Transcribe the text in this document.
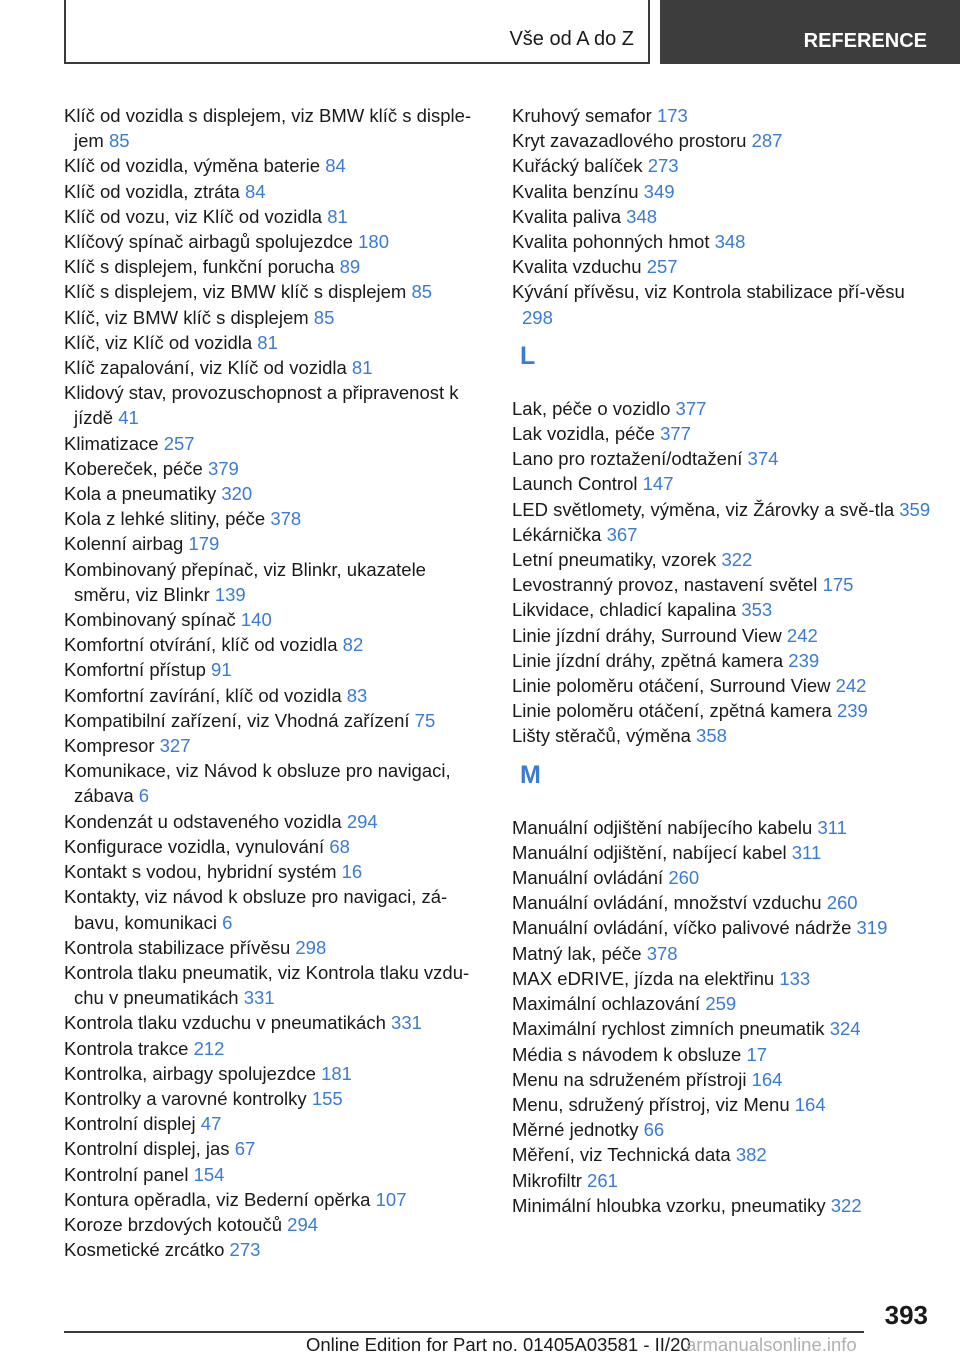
Vše od A do Z	REFERENCE
Klíč od vozidla s displejem, viz BMW klíč s disple‐jem 85
Klíč od vozidla, výměna baterie 84
Klíč od vozidla, ztráta 84
Klíč od vozu, viz Klíč od vozidla 81
Klíčový spínač airbagů spolujezdce 180
Klíč s displejem, funkční porucha 89
Klíč s displejem, viz BMW klíč s displejem 85
Klíč, viz BMW klíč s displejem 85
Klíč, viz Klíč od vozidla 81
Klíč zapalování, viz Klíč od vozidla 81
Klidový stav, provozuschopnost a připravenost k jízdě 41
Klimatizace 257
Kobereček, péče 379
Kola a pneumatiky 320
Kola z lehké slitiny, péče 378
Kolenní airbag 179
Kombinovaný přepínač, viz Blinkr, ukazatele směru, viz Blinkr 139
Kombinovaný spínač 140
Komfortní otvírání, klíč od vozidla 82
Komfortní přístup 91
Komfortní zavírání, klíč od vozidla 83
Kompatibilní zařízení, viz Vhodná zařízení 75
Kompresor 327
Komunikace, viz Návod k obsluze pro navigaci, zábava 6
Kondenzát u odstaveného vozidla 294
Konfigurace vozidla, vynulování 68
Kontakt s vodou, hybridní systém 16
Kontakty, viz návod k obsluze pro navigaci, zá‐bavu, komunikaci 6
Kontrola stabilizace přívěsu 298
Kontrola tlaku pneumatik, viz Kontrola tlaku vzdu‐chu v pneumatikách 331
Kontrola tlaku vzduchu v pneumatikách 331
Kontrola trakce 212
Kontrolka, airbagy spolujezdce 181
Kontrolky a varovné kontrolky 155
Kontrolní displej 47
Kontrolní displej, jas 67
Kontrolní panel 154
Kontura opěradla, viz Bederní opěrka 107
Koroze brzdových kotoučů 294
Kosmetické zrcátko 273
Kruhový semafor 173
Kryt zavazadlového prostoru 287
Kuřácký balíček 273
Kvalita benzínu 349
Kvalita paliva 348
Kvalita pohonných hmot 348
Kvalita vzduchu 257
Kývání přívěsu, viz Kontrola stabilizace pří‐věsu 298
L
Lak, péče o vozidlo 377
Lak vozidla, péče 377
Lano pro roztažení/odtažení 374
Launch Control 147
LED světlomety, výměna, viz Žárovky a svě‐tla 359
Lékárnička 367
Letní pneumatiky, vzorek 322
Levostranný provoz, nastavení světel 175
Likvidace, chladicí kapalina 353
Linie jízdní dráhy, Surround View 242
Linie jízdní dráhy, zpětná kamera 239
Linie poloměru otáčení, Surround View 242
Linie poloměru otáčení, zpětná kamera 239
Lišty stěračů, výměna 358
M
Manuální odjištění nabíjecího kabelu 311
Manuální odjištění, nabíjecí kabel 311
Manuální ovládání 260
Manuální ovládání, množství vzduchu 260
Manuální ovládání, víčko palivové nádrže 319
Matný lak, péče 378
MAX eDRIVE, jízda na elektřinu 133
Maximální ochlazování 259
Maximální rychlost zimních pneumatik 324
Média s návodem k obsluze 17
Menu na sdruženém přístroji 164
Menu, sdružený přístroj, viz Menu 164
Měrné jednotky 66
Měření, viz Technická data 382
Mikrofiltr 261
Minimální hloubka vzorku, pneumatiky 322
393
Online Edition for Part no. 01405A03581 - II/20
armanualsonline.info
